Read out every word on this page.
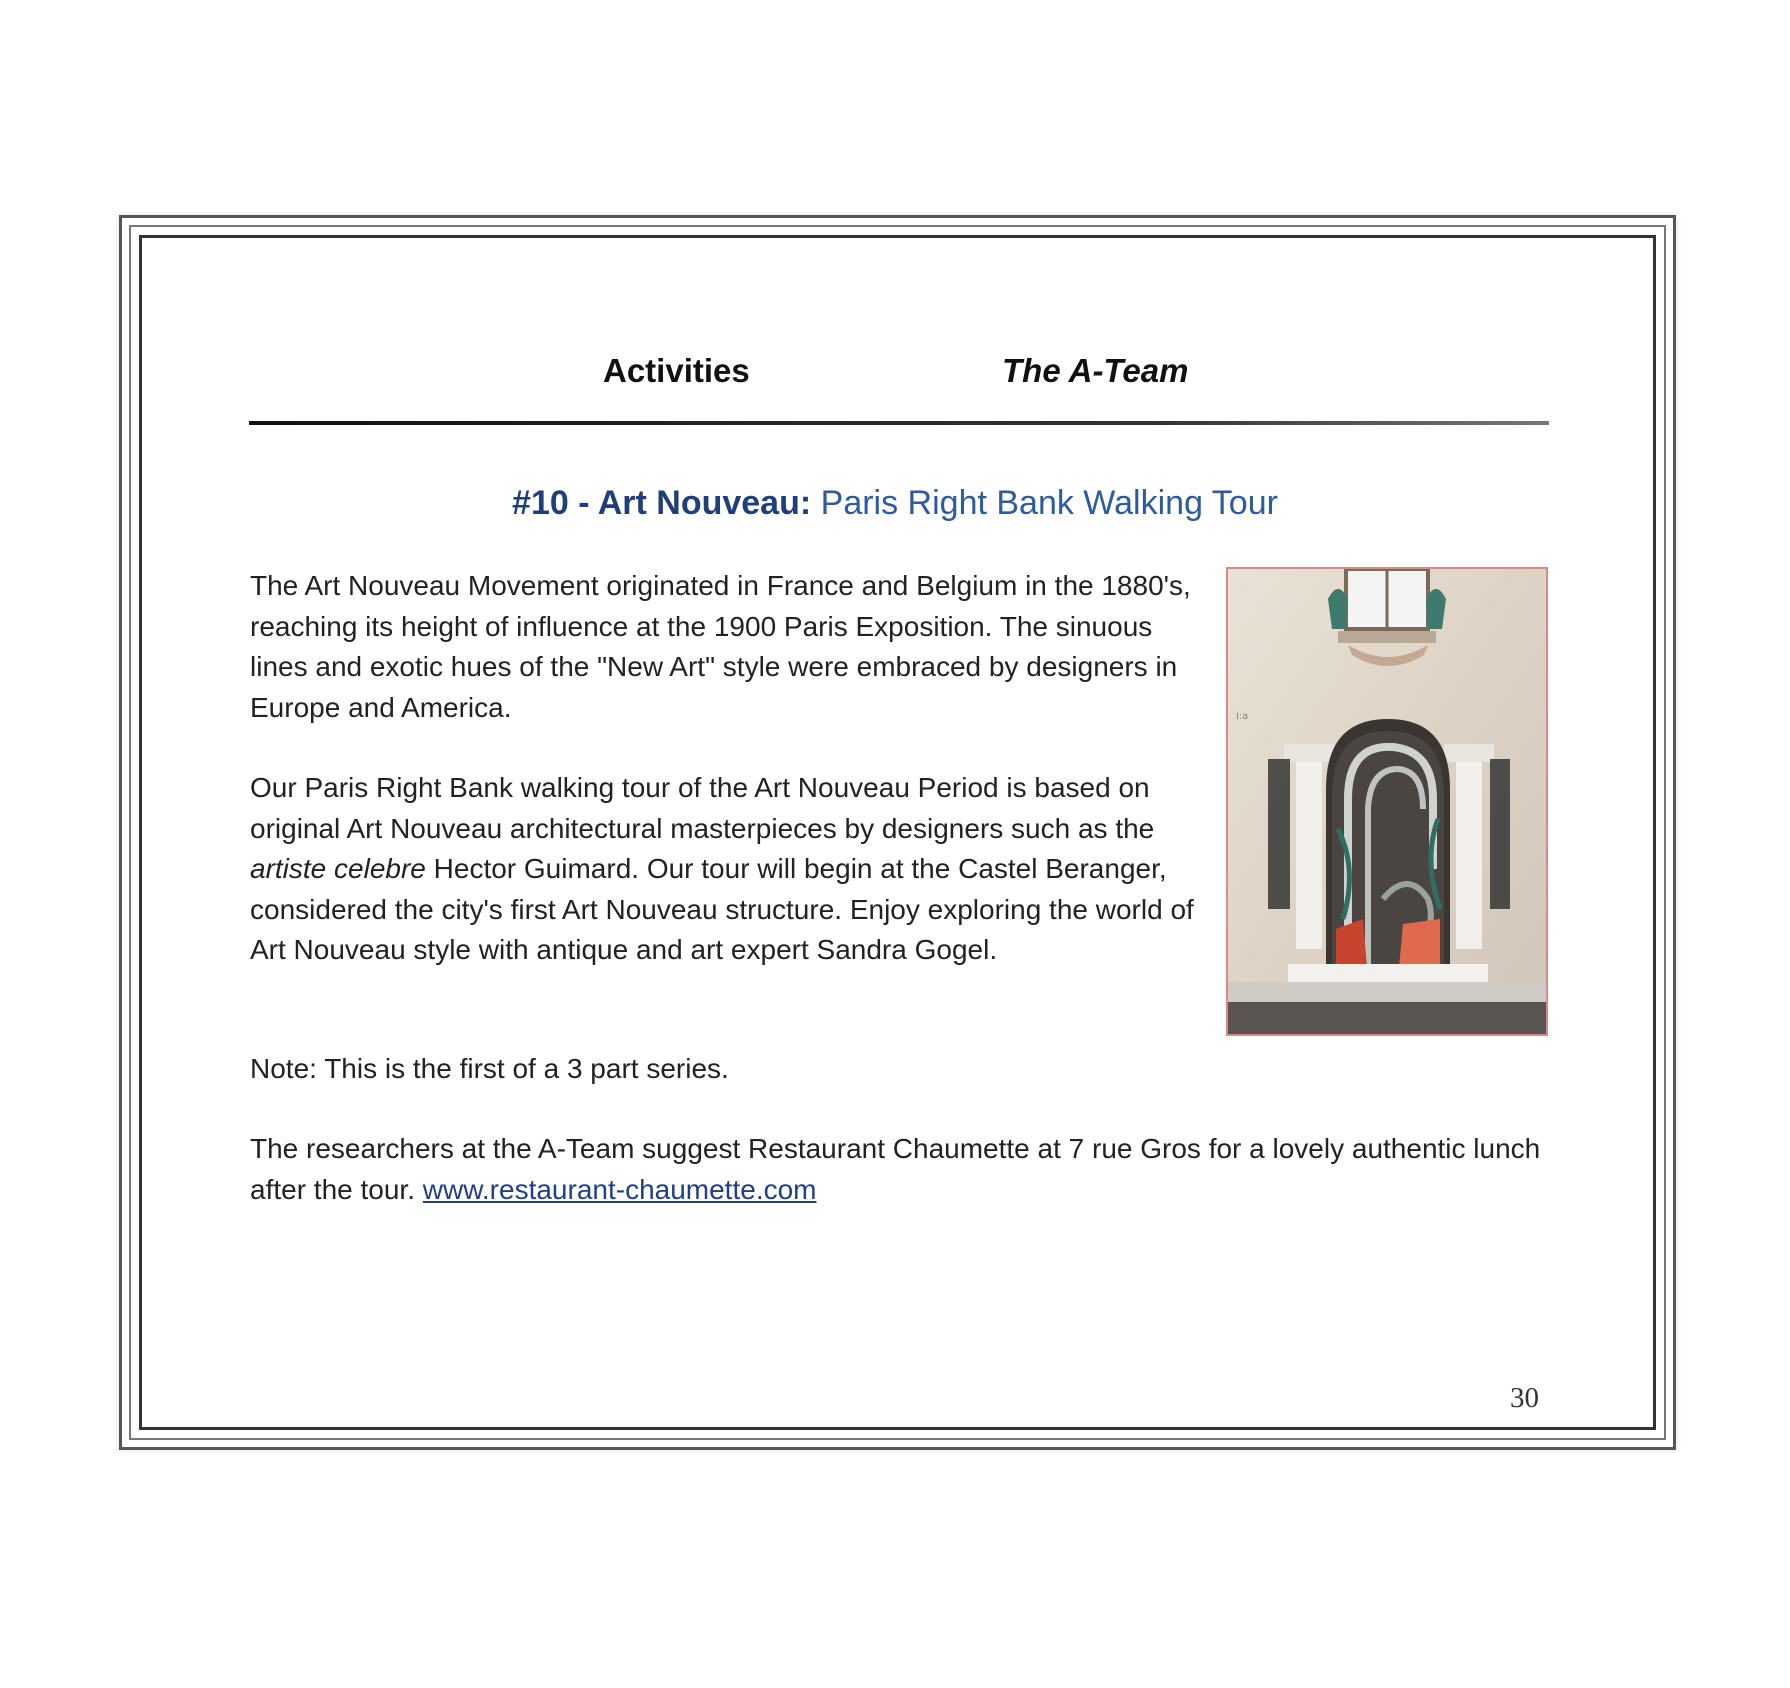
Activities	The A-Team
#10 - Art Nouveau: Paris Right Bank Walking Tour
The Art Nouveau Movement originated in France and Belgium in the 1880's, reaching its height of influence at the 1900 Paris Exposition. The sinuous lines and exotic hues of the "New Art" style were embraced by designers in Europe and America.
Our Paris Right Bank walking tour of the Art Nouveau Period is based on original Art Nouveau architectural masterpieces by designers such as the artiste celebre Hector Guimard. Our tour will begin at the Castel Beranger, considered the city's first Art Nouveau structure. Enjoy exploring the world of Art Nouveau style with antique and art expert Sandra Gogel.
Note: This is the first of a 3 part series.
The researchers at the A-Team suggest Restaurant Chaumette at 7 rue Gros for a lovely authentic lunch after the tour. www.restaurant-chaumette.com
i:a
30
